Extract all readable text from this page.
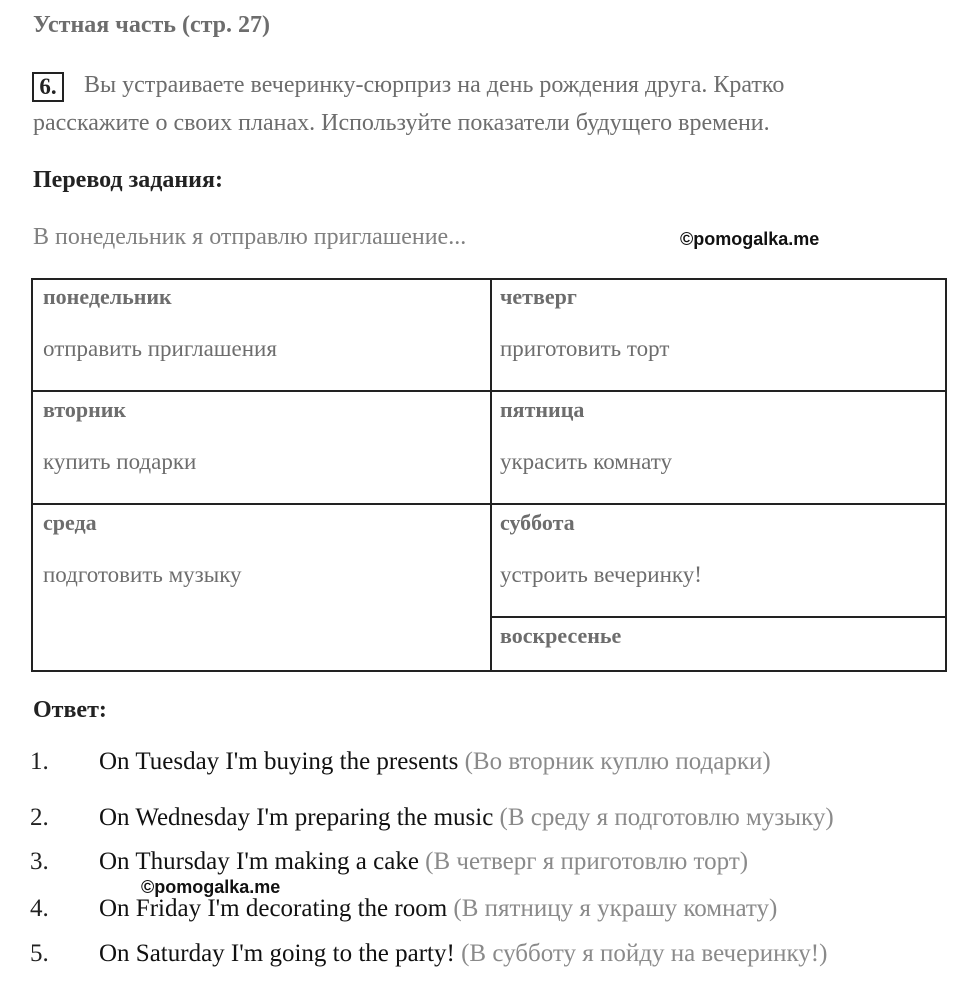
Устная часть (стр. 27)
6.	Вы устраиваете вечеринку-сюрприз на день рождения друга. Кратко
расскажите о своих планах. Используйте показатели будущего времени.
Перевод задания:
В понедельник я отправлю приглашение...	©pomogalka.me
понедельник
отправить приглашения
четверг
приготовить торт
вторник
купить подарки
пятница
украсить комнату
среда
подготовить музыку
суббота
устроить вечеринку!
воскресенье
Ответ:
1. On Tuesday I'm buying the presents (Во вторник куплю подарки)
2. On Wednesday I'm preparing the music (В среду я подготовлю музыку)
3. On Thursday I'm making a cake (В четверг я приготовлю торт)
©pomogalka.me
4. On Friday I'm decorating the room (В пятницу я украшу комнату)
5. On Saturday I'm going to the party! (В субботу я пойду на вечеринку!)
